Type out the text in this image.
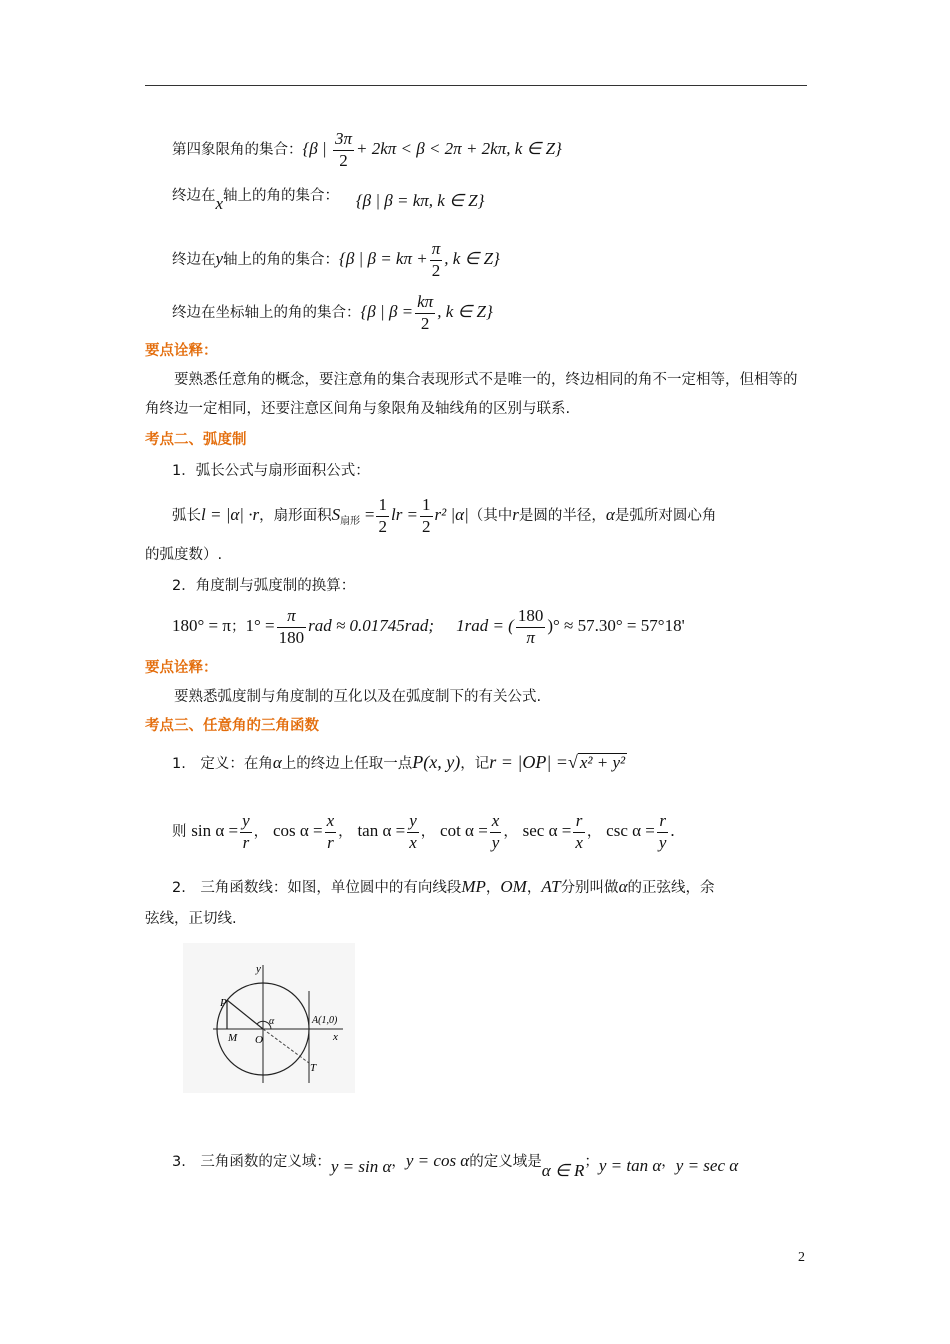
第四象限角的集合：{β | $\frac{3\pi}{2} + 2k\pi < \beta < 2\pi + 2k\pi$, k ∈ Z}
终边在x轴上的角的集合： {β | β = kπ, k ∈ Z}
终边在y轴上的角的集合：{β | $\beta = k\pi + \frac{\pi}{2}$ , k ∈ Z}
终边在坐标轴上的角的集合：{β | $\beta = \frac{k\pi}{2}$ , k ∈ Z}
要点诠释：
要熟悉任意角的概念，要注意角的集合表现形式不是唯一的，终边相同的角不一定相等，但相等的角终边一定相同，还要注意区间角与象限角及轴线角的区别与联系.
考点二、弧度制
1．弧长公式与扇形面积公式：
弧长l = |α| ·r，扇形面积$S_{扇形} = \frac{1}{2}$ lr = $\frac{1}{2} r^2$ |α|（其中r是圆的半径，α是弧所对圆心角
的弧度数）.
2．角度制与弧度制的换算：
180° = π；$1^\circ = \frac{\pi}{180}$ rad ≈ 0.01745rad; 1rad = ( $\frac{180}{\pi}$ )° ≈ 57.30° = 57°18'
要点诠释：
要熟悉弧度制与角度制的互化以及在弧度制下的有关公式.
考点三、任意角的三角函数
1.　定义：在角α上的终边上任取一点P(x, y)，记r = |OP| =√ x² + y²
则 $\sin \alpha = \frac{y}{r}$ ， $\cos \alpha = \frac{x}{r}$ ， $\tan \alpha = \frac{y}{x}$ ， $\cot \alpha = \frac{x}{y}$ ， $\sec \alpha = \frac{r}{x}$ ， $\csc \alpha = \frac{r}{y}$ .
2.　三角函数线：如图，单位圆中的有向线段MP，OM，AT分别叫做α的正弦线，余
弦线，正切线.
y
x
P
M O
α	A(1,0)
T
3.　三角函数的定义域：y = sin α，y = cos α的定义域是α ∈ R；y = tan α，y = sec α
2
